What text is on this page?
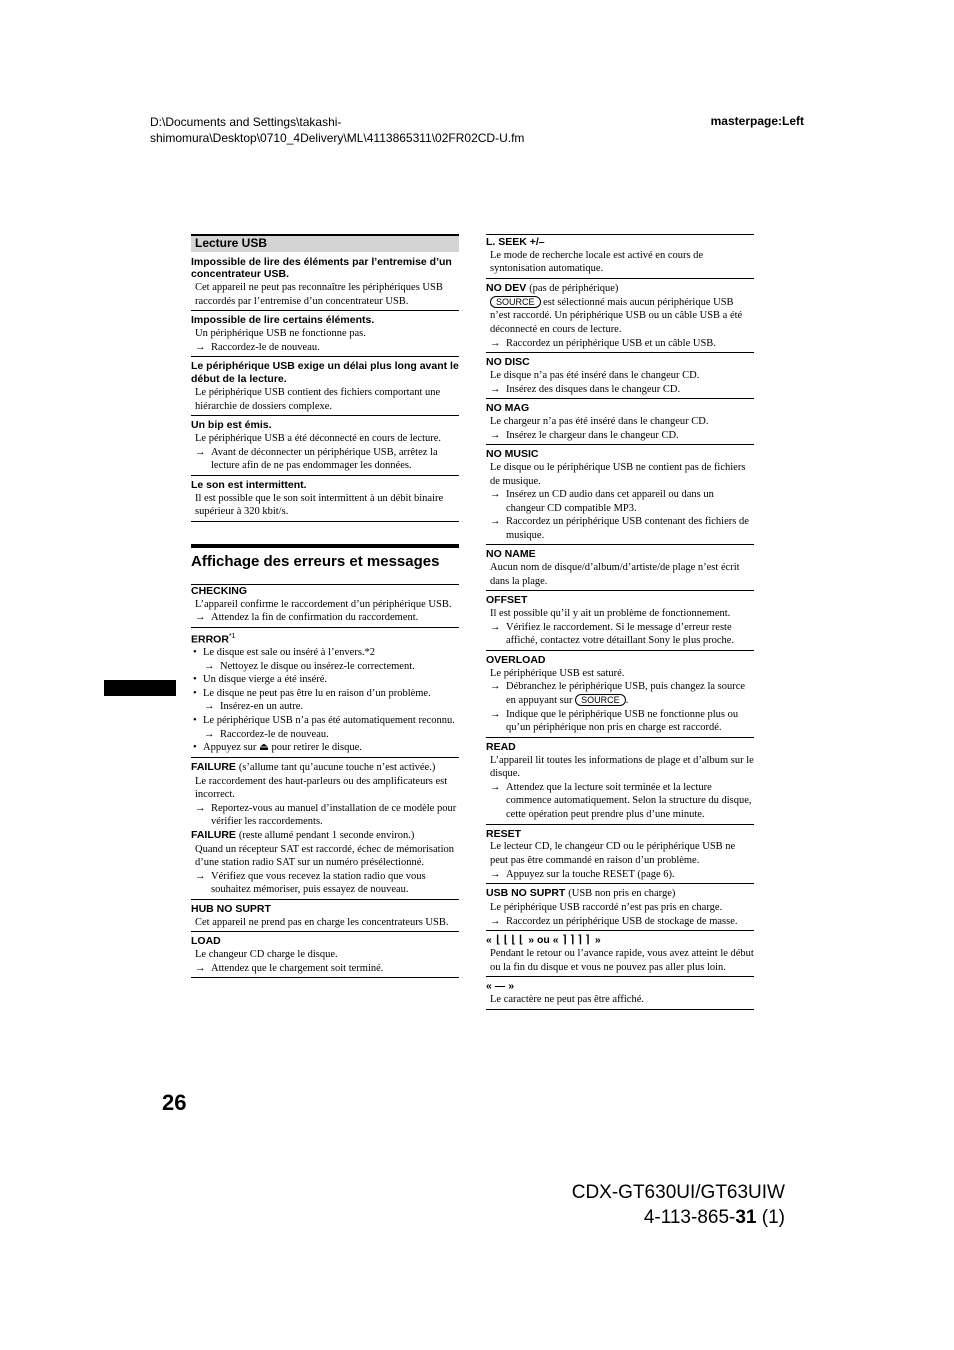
D:\Documents and Settings\takashi-
shimomura\Desktop\0710_4Delivery\ML\4113865311\02FR02CD-U.fm
masterpage:Left
Lecture USB
Impossible de lire des éléments par l’entremise d’un concentrateur USB.
Cet appareil ne peut pas reconnaître les périphériques USB raccordés par l’entremise d’un concentrateur USB.
Impossible de lire certains éléments.
Un périphérique USB ne fonctionne pas.
→ Raccordez-le de nouveau.
Le périphérique USB exige un délai plus long avant le début de la lecture.
Le périphérique USB contient des fichiers comportant une hiérarchie de dossiers complexe.
Un bip est émis.
Le périphérique USB a été déconnecté en cours de lecture.
→ Avant de déconnecter un périphérique USB, arrêtez la lecture afin de ne pas endommager les données.
Le son est intermittent.
Il est possible que le son soit intermittent à un débit binaire supérieur à 320 kbit/s.
Affichage des erreurs et messages
CHECKING
L’appareil confirme le raccordement d’un périphérique USB.
→ Attendez la fin de confirmation du raccordement.
ERROR$^{*1}$
• Le disque est sale ou inséré à l’envers.*2
→ Nettoyez le disque ou insérez-le correctement.
• Un disque vierge a été inséré.
• Le disque ne peut pas être lu en raison d’un problème.
→ Insérez-en un autre.
• Le périphérique USB n’a pas été automatiquement reconnu.
→ Raccordez-le de nouveau.
• Appuyez sur ⏏ pour retirer le disque.
FAILURE (s’allume tant qu’aucune touche n’est activée.)
Le raccordement des haut-parleurs ou des amplificateurs est incorrect.
→ Reportez-vous au manuel d’installation de ce modèle pour vérifier les raccordements.
FAILURE (reste allumé pendant 1 seconde environ.)
Quand un récepteur SAT est raccordé, échec de mémorisation d’une station radio SAT sur un numéro présélectionné.
→ Vérifiez que vous recevez la station radio que vous souhaitez mémoriser, puis essayez de nouveau.
HUB NO SUPRT
Cet appareil ne prend pas en charge les concentrateurs USB.
LOAD
Le changeur CD charge le disque.
→ Attendez que le chargement soit terminé.
L. SEEK +/–
Le mode de recherche locale est activé en cours de syntonisation automatique.
NO DEV (pas de périphérique)
SOURCE est sélectionné mais aucun périphérique USB n’est raccordé. Un périphérique USB ou un câble USB a été déconnecté en cours de lecture.
→ Raccordez un périphérique USB et un câble USB.
NO DISC
Le disque n’a pas été inséré dans le changeur CD.
→ Insérez des disques dans le changeur CD.
NO MAG
Le chargeur n’a pas été inséré dans le changeur CD.
→ Insérez le chargeur dans le changeur CD.
NO MUSIC
Le disque ou le périphérique USB ne contient pas de fichiers de musique.
→ Insérez un CD audio dans cet appareil ou dans un changeur CD compatible MP3.
→ Raccordez un périphérique USB contenant des fichiers de musique.
NO NAME
Aucun nom de disque/d’album/d’artiste/de plage n’est écrit dans la plage.
OFFSET
Il est possible qu’il y ait un problème de fonctionnement.
→ Vérifiez le raccordement. Si le message d’erreur reste affiché, contactez votre détaillant Sony le plus proche.
OVERLOAD
Le périphérique USB est saturé.
→ Débranchez le périphérique USB, puis changez la source en appuyant sur SOURCE .
→ Indique que le périphérique USB ne fonctionne plus ou qu’un périphérique non pris en charge est raccordé.
READ
L’appareil lit toutes les informations de plage et d’album sur le disque.
→ Attendez que la lecture soit terminée et la lecture commence automatiquement. Selon la structure du disque, cette opération peut prendre plus d’une minute.
RESET
Le lecteur CD, le changeur CD ou le périphérique USB ne peut pas être commandé en raison d’un problème.
→ Appuyez sur la touche RESET (page 6).
USB NO SUPRT (USB non pris en charge)
Le périphérique USB raccordé n’est pas pris en charge.
→ Raccordez un périphérique USB de stockage de masse.
« ⌊⌊⌊⌊ » ou « ⌉⌉⌉⌉ »
Pendant le retour ou l’avance rapide, vous avez atteint le début ou la fin du disque et vous ne pouvez pas aller plus loin.
« — »
Le caractère ne peut pas être affiché.
26
CDX-GT630UI/GT63UIW
4-113-865-31 (1)
